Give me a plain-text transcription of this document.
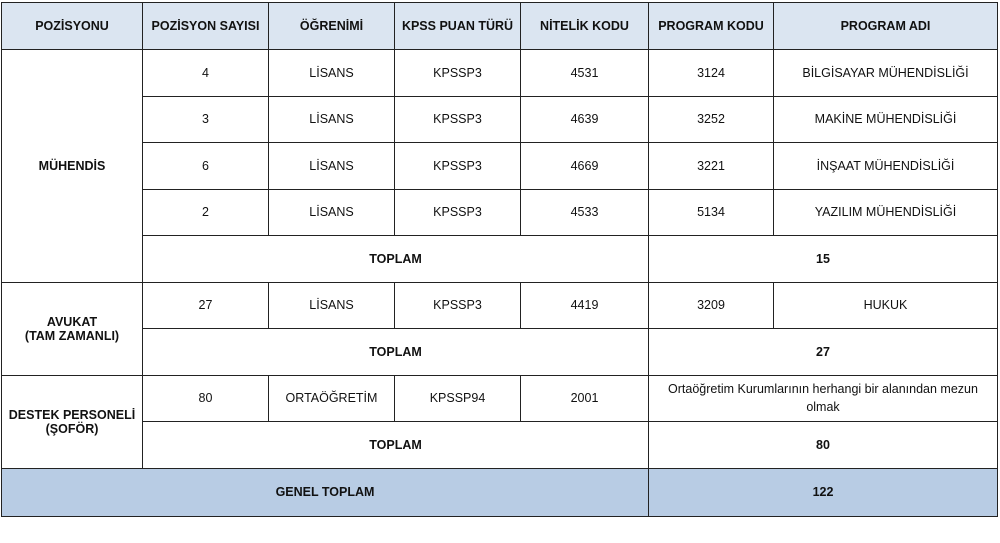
POZİSYONU	POZİSYON SAYISI	ÖĞRENİMİ	KPSS PUAN TÜRÜ	NİTELİK KODU	PROGRAM KODU	PROGRAM ADI
MÜHENDİS	4	LİSANS	KPSSP3	4531	3124	BİLGİSAYAR MÜHENDİSLİĞİ
	3	LİSANS	KPSSP3	4639	3252	MAKİNE MÜHENDİSLİĞİ
	6	LİSANS	KPSSP3	4669	3221	İNŞAAT MÜHENDİSLİĞİ
	2	LİSANS	KPSSP3	4533	5134	YAZILIM MÜHENDİSLİĞİ
	TOPLAM				15	

AVUKAT
(TAM ZAMANLI)	27	LİSANS	KPSSP3	4419	3209	HUKUK
	TOPLAM				27	

DESTEK PERSONELİ
(ŞOFÖR)	80	ORTAÖĞRETİM	KPSSP94	2001	Ortaöğretim Kurumlarının herhangi bir alanından mezun olmak	
	TOPLAM				80	
GENEL TOPLAM					122	
